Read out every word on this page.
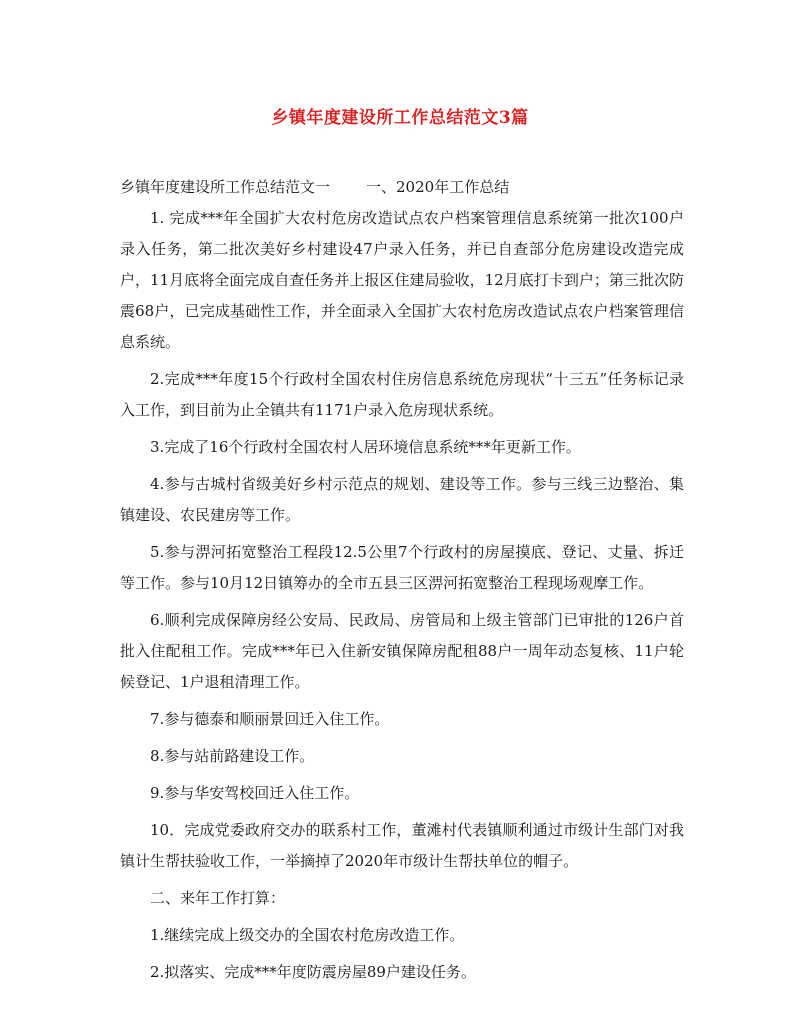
乡镇年度建设所工作总结范文3篇

乡镇年度建设所工作总结范文一 一、2020年工作总结

1. 完成***年全国扩大农村危房改造试点农户档案管理信息系统第一批次100户录入任务，第二批次美好乡村建设47户录入任务，并已自查部分危房建设改造完成户，11月底将全面完成自查任务并上报区住建局验收，12月底打卡到户；第三批次防震68户，已完成基础性工作，并全面录入全国扩大农村危房改造试点农户档案管理信息系统。

2.完成***年度15个行政村全国农村住房信息系统危房现状“十三五”任务标记录入工作，到目前为止全镇共有1171户录入危房现状系统。

3.完成了16个行政村全国农村人居环境信息系统***年更新工作。

4.参与古城村省级美好乡村示范点的规划、建设等工作。参与三线三边整治、集镇建设、农民建房等工作。

5.参与淠河拓宽整治工程段12.5公里7个行政村的房屋摸底、登记、丈量、拆迁等工作。参与10月12日镇筹办的全市五县三区淠河拓宽整治工程现场观摩工作。

6.顺利完成保障房经公安局、民政局、房管局和上级主管部门已审批的126户首批入住配租工作。完成***年已入住新安镇保障房配租88户一周年动态复核、11户轮候登记、1户退租清理工作。

7.参与德泰和顺丽景回迁入住工作。

8.参与站前路建设工作。

9.参与华安驾校回迁入住工作。

10．完成党委政府交办的联系村工作，董滩村代表镇顺利通过市级计生部门对我镇计生帮扶验收工作，一举摘掉了2020年市级计生帮扶单位的帽子。

二、来年工作打算：

1.继续完成上级交办的全国农村危房改造工作。

2.拟落实、完成***年度防震房屋89户建设任务。
